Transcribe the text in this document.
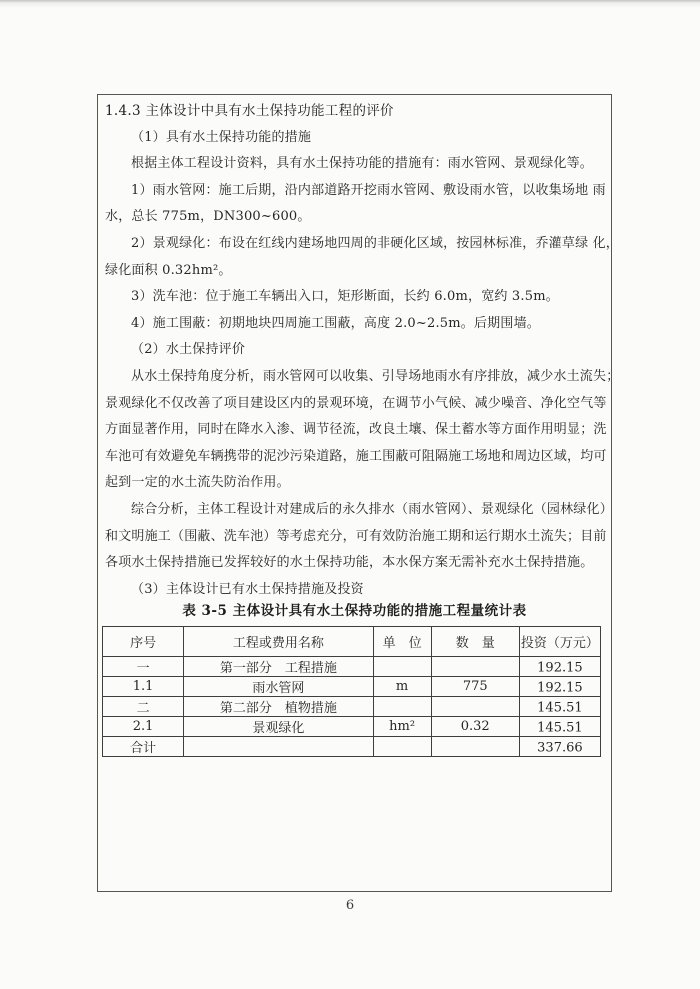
1.4.3 主体设计中具有水土保持功能工程的评价
（1）具有水土保持功能的措施
根据主体工程设计资料，具有水土保持功能的措施有：雨水管网、景观绿化等。
1）雨水管网：施工后期，沿内部道路开挖雨水管网、敷设雨水管，以收集场地 雨
水，总长 775m，DN300~600。
2）景观绿化：布设在红线内建场地四周的非硬化区域，按园林标准，乔灌草绿 化，
绿化面积 0.32hm²。
3）洗车池：位于施工车辆出入口，矩形断面，长约 6.0m，宽约 3.5m。
4）施工围蔽：初期地块四周施工围蔽，高度 2.0~2.5m。后期围墙。
（2）水土保持评价
从水土保持角度分析，雨水管网可以收集、引导场地雨水有序排放，减少水土流失；
景观绿化不仅改善了项目建设区内的景观环境，在调节小气候、减少噪音、净化空气等
方面显著作用，同时在降水入渗、调节径流，改良土壤、保土蓄水等方面作用明显；洗
车池可有效避免车辆携带的泥沙污染道路，施工围蔽可阻隔施工场地和周边区域，均可
起到一定的水土流失防治作用。
综合分析，主体工程设计对建成后的永久排水（雨水管网）、景观绿化（园林绿化）
和文明施工（围蔽、洗车池）等考虑充分，可有效防治施工期和运行期水土流失；目前
各项水土保持措施已发挥较好的水土保持功能，本水保方案无需补充水土保持措施。
（3）主体设计已有水土保持措施及投资
表 3-5 主体设计具有水土保持功能的措施工程量统计表
序号	工程或费用名称	单　位	数　量	投资（万元）
一	第一部分　工程措施			192.15
1.1	雨水管网	m	775	192.15
二	第二部分　植物措施			145.51
2.1	景观绿化	hm²	0.32	145.51
合计				337.66
6
